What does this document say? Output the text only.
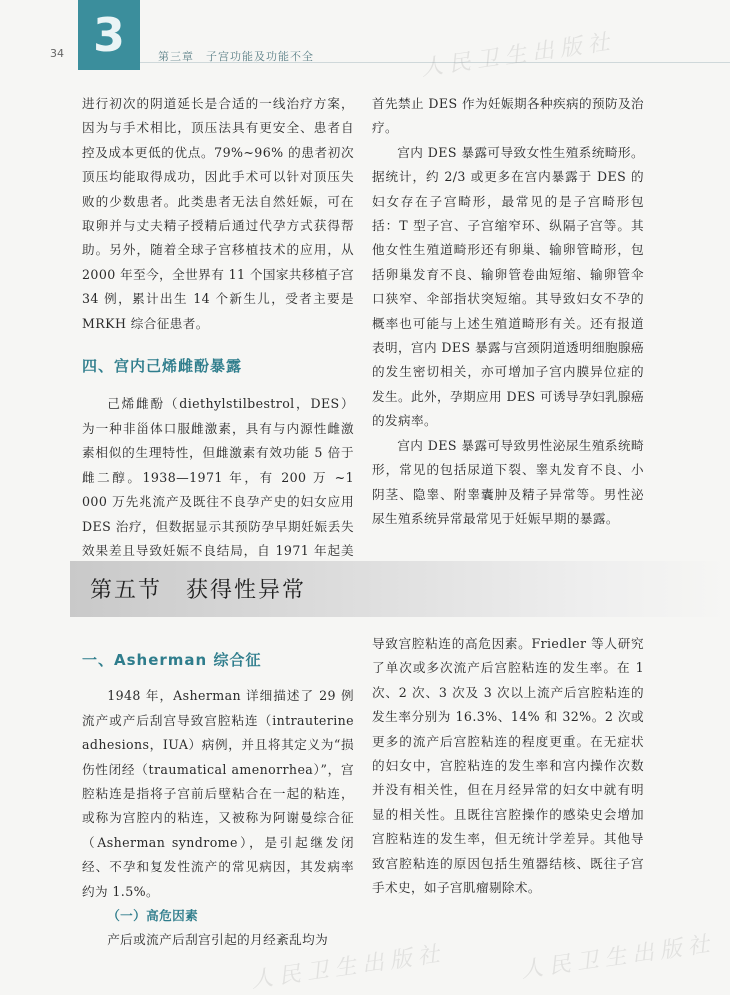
34 3	第三章　子宫功能及功能不全	人民卫生出版社
人民卫生出版社	人民卫生出版社

进行初次的阴道延长是合适的一线治疗方案，因为与手术相比，顶压法具有更安全、患者自控及成本更低的优点。79%~96% 的患者初次顶压均能取得成功，因此手术可以针对顶压失败的少数患者。此类患者无法自然妊娠，可在取卵并与丈夫精子授精后通过代孕方式获得帮助。另外，随着全球子宫移植技术的应用，从 2000 年至今，全世界有 11 个国家共移植子宫 34 例，累计出生 14 个新生儿，受者主要是 MRKH 综合征患者。

四、宫内己烯雌酚暴露

己烯雌酚（diethylstilbestrol，DES）为一种非甾体口服雌激素，具有与内源性雌激素相似的生理特性，但雌激素有效功能 5 倍于雌二醇。1938—1971 年，有 200 万 ~1 000 万先兆流产及既往不良孕产史的妇女应用 DES 治疗，但数据显示其预防孕早期妊娠丢失效果差且导致妊娠不良结局，自 1971 年起美

首先禁止 DES 作为妊娠期各种疾病的预防及治疗。

宫内 DES 暴露可导致女性生殖系统畸形。据统计，约 2/3 或更多在宫内暴露于 DES 的妇女存在子宫畸形，最常见的是子宫畸形包括：T 型子宫、子宫缩窄环、纵隔子宫等。其他女性生殖道畸形还有卵巢、输卵管畸形，包括卵巢发育不良、输卵管卷曲短缩、输卵管伞口狭窄、伞部指状突短缩。其导致妇女不孕的概率也可能与上述生殖道畸形有关。还有报道表明，宫内 DES 暴露与宫颈阴道透明细胞腺癌的发生密切相关，亦可增加子宫内膜异位症的发生。此外，孕期应用 DES 可诱导孕妇乳腺癌的发病率。

宫内 DES 暴露可导致男性泌尿生殖系统畸形，常见的包括尿道下裂、睾丸发育不良、小阴茎、隐睾、附睾囊肿及精子异常等。男性泌尿生殖系统异常最常见于妊娠早期的暴露。

第五节　获得性异常
一、Asherman 综合征

1948 年，Asherman 详细描述了 29 例流产或产后刮宫导致宫腔粘连（intrauterine adhesions，IUA）病例，并且将其定义为“损伤性闭经（traumatical amenorrhea）”，宫腔粘连是指将子宫前后壁粘合在一起的粘连，或称为宫腔内的粘连，又被称为阿谢曼综合征（Asherman syndrome），是引起继发闭经、不孕和复发性流产的常见病因，其发病率约为 1.5%。

（一）高危因素

产后或流产后刮宫引起的月经紊乱均为

导致宫腔粘连的高危因素。Friedler 等人研究了单次或多次流产后宫腔粘连的发生率。在 1 次、2 次、3 次及 3 次以上流产后宫腔粘连的发生率分别为 16.3%、14% 和 32%。2 次或更多的流产后宫腔粘连的程度更重。在无症状的妇女中，宫腔粘连的发生率和宫内操作次数并没有相关性，但在月经异常的妇女中就有明显的相关性。且既往宫腔操作的感染史会增加宫腔粘连的发生率，但无统计学差异。其他导致宫腔粘连的原因包括生殖器结核、既往子宫手术史，如子宫肌瘤剔除术。
